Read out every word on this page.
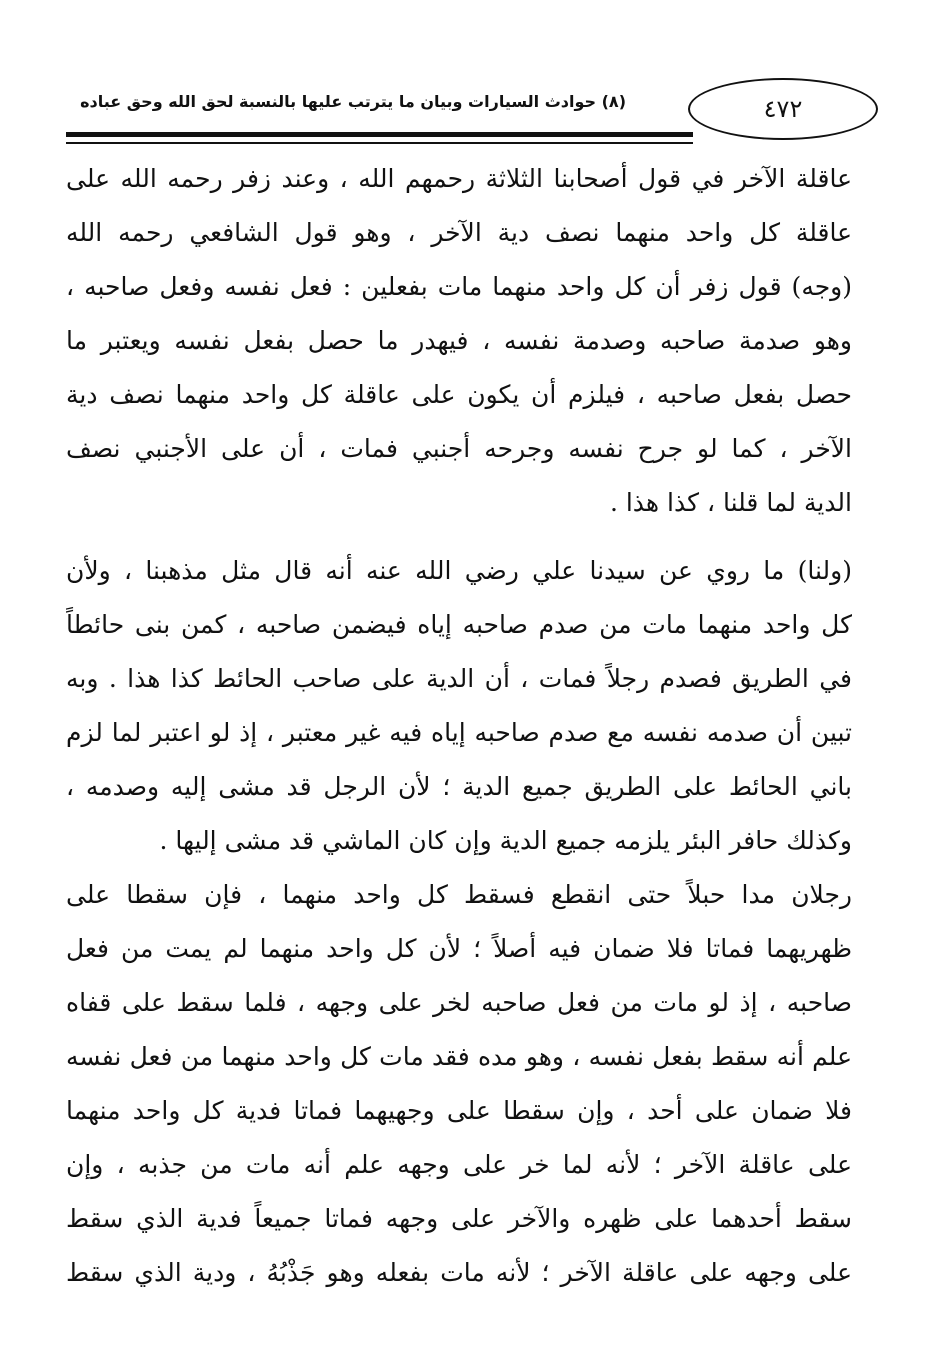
(٨) حوادث السيارات وبيان ما يترتب عليها بالنسبة لحق الله وحق عباده	٤٧٢
عاقلة الآخر في قول أصحابنا الثلاثة رحمهم الله ، وعند زفر رحمه الله على
عاقلة كل واحد منهما نصف دية الآخر ، وهو قول الشافعي رحمه الله
(وجه) قول زفر أن كل واحد منهما مات بفعلين : فعل نفسه وفعل صاحبه ،
وهو صدمة صاحبه وصدمة نفسه ، فيهدر ما حصل بفعل نفسه ويعتبر ما
حصل بفعل صاحبه ، فيلزم أن يكون على عاقلة كل واحد منهما نصف دية
الآخر ، كما لو جرح نفسه وجرحه أجنبي فمات ، أن على الأجنبي نصف
الدية لما قلنا ، كذا هذا .
(ولنا) ما روي عن سيدنا علي رضي الله عنه أنه قال مثل مذهبنا ، ولأن
كل واحد منهما مات من صدم صاحبه إياه فيضمن صاحبه ، كمن بنى حائطاً
في الطريق فصدم رجلاً فمات ، أن الدية على صاحب الحائط كذا هذا . وبه
تبين أن صدمه نفسه مع صدم صاحبه إياه فيه غير معتبر ، إذ لو اعتبر لما لزم
باني الحائط على الطريق جميع الدية ؛ لأن الرجل قد مشى إليه وصدمه ،
وكذلك حافر البئر يلزمه جميع الدية وإن كان الماشي قد مشى إليها .
رجلان مدا حبلاً حتى انقطع فسقط كل واحد منهما ، فإن سقطا على
ظهريهما فماتا فلا ضمان فيه أصلاً ؛ لأن كل واحد منهما لم يمت من فعل
صاحبه ، إذ لو مات من فعل صاحبه لخر على وجهه ، فلما سقط على قفاه
علم أنه سقط بفعل نفسه ، وهو مده فقد مات كل واحد منهما من فعل نفسه
فلا ضمان على أحد ، وإن سقطا على وجهيهما فماتا فدية كل واحد منهما
على عاقلة الآخر ؛ لأنه لما خر على وجهه علم أنه مات من جذبه ، وإن
سقط أحدهما على ظهره والآخر على وجهه فماتا جميعاً فدية الذي سقط
على وجهه على عاقلة الآخر ؛ لأنه مات بفعله وهو جَذْبُهُ ، ودية الذي سقط
